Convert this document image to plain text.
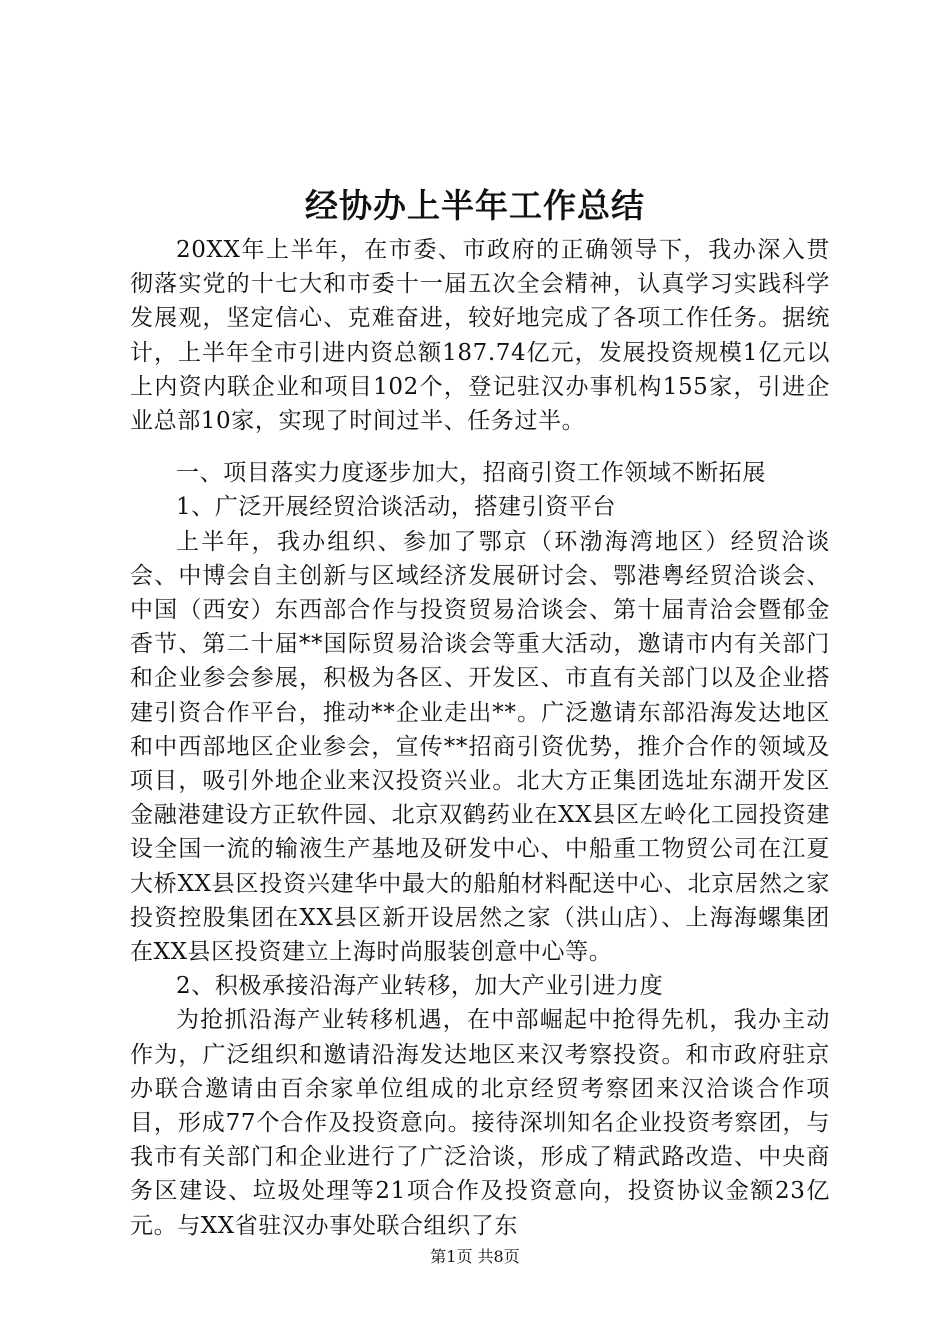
经协办上半年工作总结

20XX年上半年，在市委、市政府的正确领导下，我办深入贯彻落实党的十七大和市委十一届五次全会精神，认真学习实践科学发展观，坚定信心、克难奋进，较好地完成了各项工作任务。据统计，上半年全市引进内资总额187.74亿元，发展投资规模1亿元以上内资内联企业和项目102个，登记驻汉办事机构155家，引进企业总部10家，实现了时间过半、任务过半。

一、项目落实力度逐步加大，招商引资工作领域不断拓展

1、广泛开展经贸洽谈活动，搭建引资平台

上半年，我办组织、参加了鄂京（环渤海湾地区）经贸洽谈会、中博会自主创新与区域经济发展研讨会、鄂港粤经贸洽谈会、中国（西安）东西部合作与投资贸易洽谈会、第十届青洽会暨郁金香节、第二十届**国际贸易洽谈会等重大活动，邀请市内有关部门和企业参会参展，积极为各区、开发区、市直有关部门以及企业搭建引资合作平台，推动**企业走出**。广泛邀请东部沿海发达地区和中西部地区企业参会，宣传**招商引资优势，推介合作的领域及项目，吸引外地企业来汉投资兴业。北大方正集团选址东湖开发区金融港建设方正软件园、北京双鹤药业在XX县区左岭化工园投资建设全国一流的输液生产基地及研发中心、中船重工物贸公司在江夏大桥XX县区投资兴建华中最大的船舶材料配送中心、北京居然之家投资控股集团在XX县区新开设居然之家（洪山店）、上海海螺集团在XX县区投资建立上海时尚服装创意中心等。

2、积极承接沿海产业转移，加大产业引进力度

为抢抓沿海产业转移机遇，在中部崛起中抢得先机，我办主动作为，广泛组织和邀请沿海发达地区来汉考察投资。和市政府驻京办联合邀请由百余家单位组成的北京经贸考察团来汉洽谈合作项目，形成77个合作及投资意向。接待深圳知名企业投资考察团，与我市有关部门和企业进行了广泛洽谈，形成了精武路改造、中央商务区建设、垃圾处理等21项合作及投资意向，投资协议金额23亿元。与XX省驻汉办事处联合组织了东

第1页 共8页
